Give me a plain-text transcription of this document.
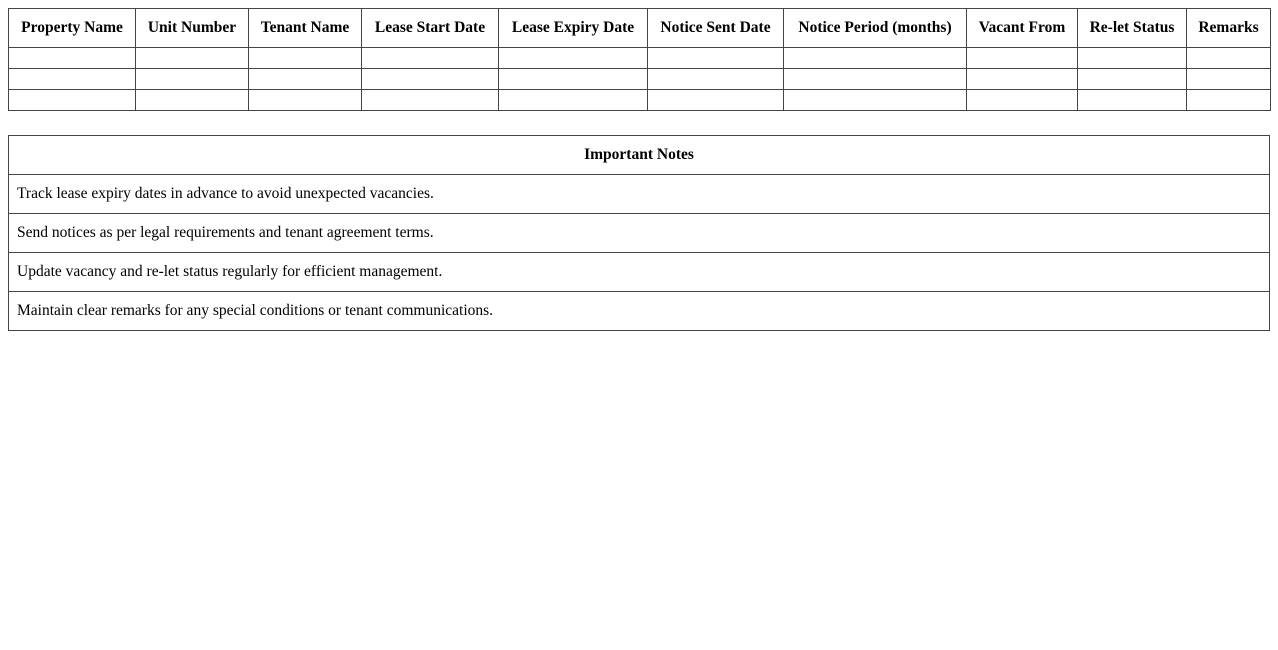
Property Name	Unit Number	Tenant Name	Lease Start Date	Lease Expiry Date	Notice Sent Date	Notice Period (months)	Vacant From	Re-let Status	Remarks

Important Notes
Track lease expiry dates in advance to avoid unexpected vacancies.
Send notices as per legal requirements and tenant agreement terms.
Update vacancy and re-let status regularly for efficient management.
Maintain clear remarks for any special conditions or tenant communications.
